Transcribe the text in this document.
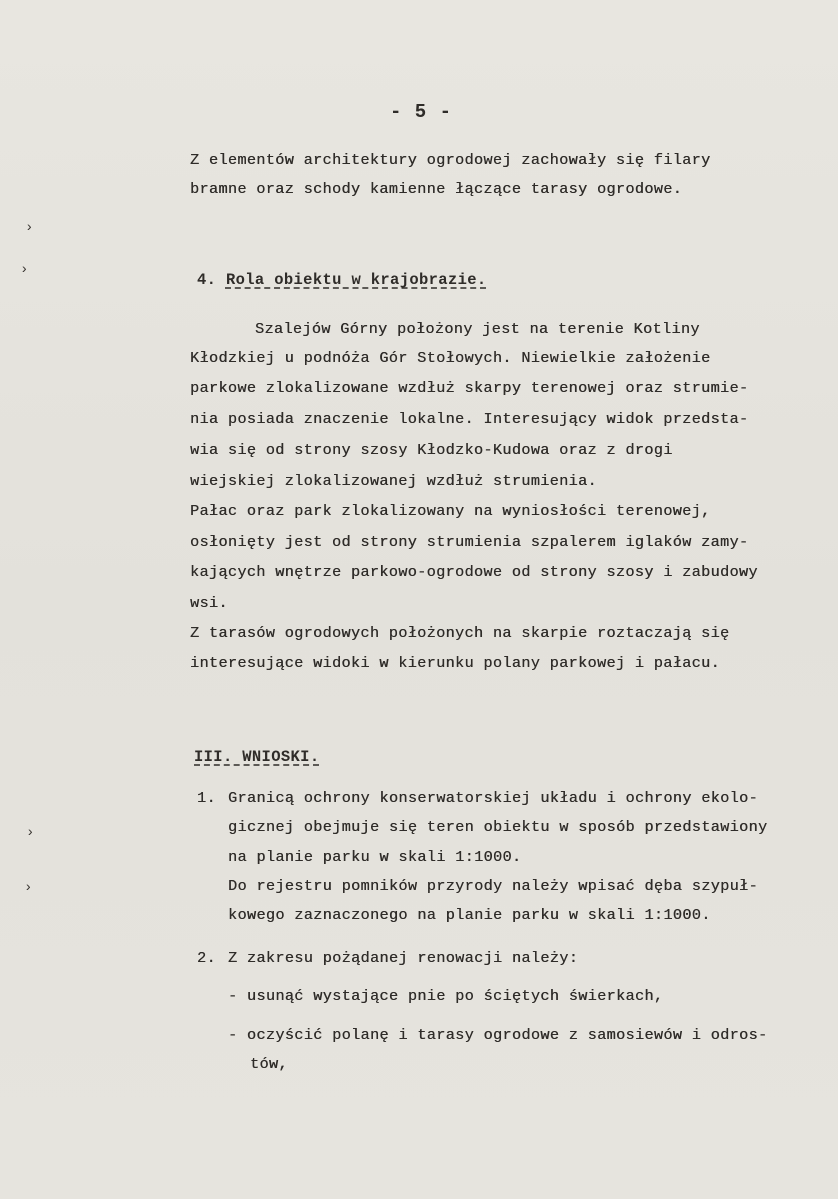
- 5 -
Z elementów architektury ogrodowej zachowały się filary
bramne oraz schody kamienne łączące tarasy ogrodowe.
4. Rola obiektu w krajobrazie.
Szalejów Górny położony jest na terenie Kotliny
Kłodzkiej u podnóża Gór Stołowych. Niewielkie założenie
parkowe zlokalizowane wzdłuż skarpy terenowej oraz strumie-
nia posiada znaczenie lokalne. Interesujący widok przedsta-
wia się od strony szosy Kłodzko-Kudowa oraz z drogi
wiejskiej zlokalizowanej wzdłuż strumienia.
Pałac oraz park zlokalizowany na wyniosłości terenowej,
osłonięty jest od strony strumienia szpalerem iglaków zamy-
kających wnętrze parkowo-ogrodowe od strony szosy i zabudowy
wsi.
Z tarasów ogrodowych położonych na skarpie roztaczają się
interesujące widoki w kierunku polany parkowej i pałacu.
III. WNIOSKI.
1. Granicą ochrony konserwatorskiej układu i ochrony ekolo-
gicznej obejmuje się teren obiektu w sposób przedstawiony
na planie parku w skali 1:1000.
Do rejestru pomników przyrody należy wpisać dęba szypuł-
kowego zaznaczonego na planie parku w skali 1:1000.
2. Z zakresu pożądanej renowacji należy:
- usunąć wystające pnie po ściętych świerkach,
- oczyścić polanę i tarasy ogrodowe z samosiewów i odros-
tów,
›
›
›
›
